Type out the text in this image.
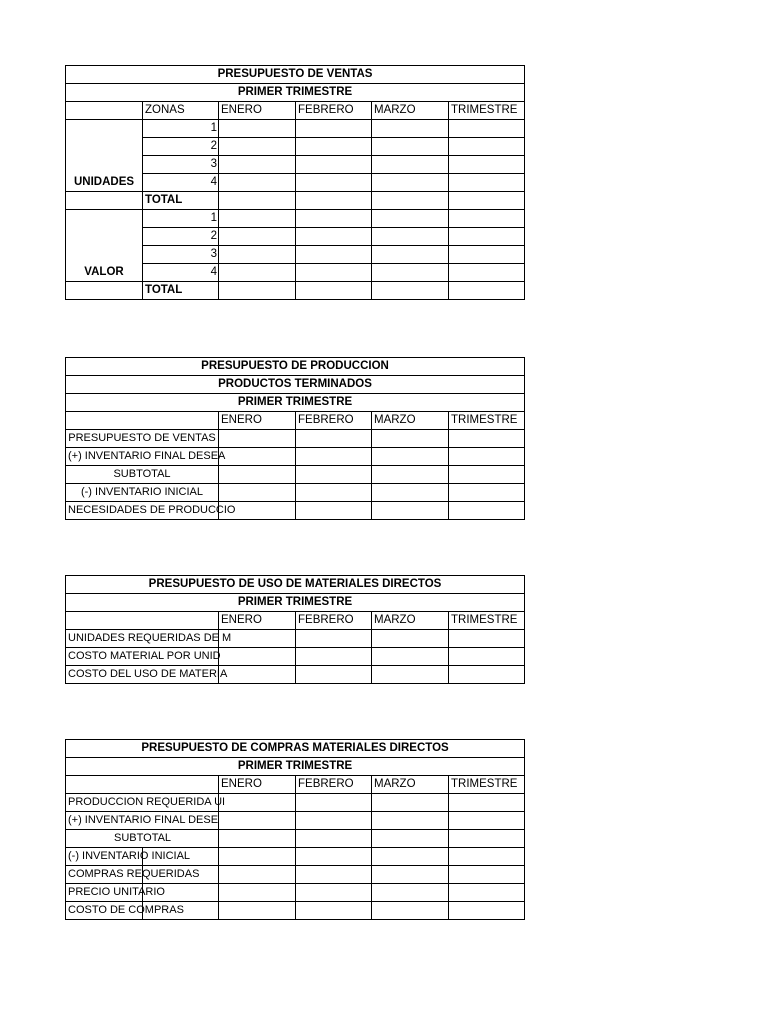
PRESUPUESTO DE VENTAS					
PRIMER TRIMESTRE					
	ZONAS	ENERO	FEBRERO	MARZO	TRIMESTRE
UNIDADES	1				
	2				
	3				
	4				
	TOTAL				
VALOR	1				
	2				
	3				
	4				
	TOTAL				
PRESUPUESTO DE PRODUCCION				
PRODUCTOS TERMINADOS				
PRIMER TRIMESTRE				
	ENERO	FEBRERO	MARZO	TRIMESTRE
PRESUPUESTO DE VENTAS				
(+) INVENTARIO FINAL DESEA				
SUBTOTAL				
(-) INVENTARIO INICIAL				
NECESIDADES DE PRODUCCIO				
PRESUPUESTO DE USO DE MATERIALES DIRECTOS				
PRIMER TRIMESTRE				
	ENERO	FEBRERO	MARZO	TRIMESTRE
UNIDADES REQUERIDAS DE M				
COSTO MATERIAL POR UNID				
COSTO DEL USO DE MATERIA				
PRESUPUESTO DE COMPRAS MATERIALES DIRECTOS					
PRIMER TRIMESTRE					
		ENERO	FEBRERO	MARZO	TRIMESTRE
PRODUCCION REQUERIDA UI					
(+) INVENTARIO FINAL DESE					
SUBTOTAL					
(-) INVENTARIO INICIAL					
COMPRAS REQUERIDAS					
PRECIO UNITARIO					
COSTO DE COMPRAS					
